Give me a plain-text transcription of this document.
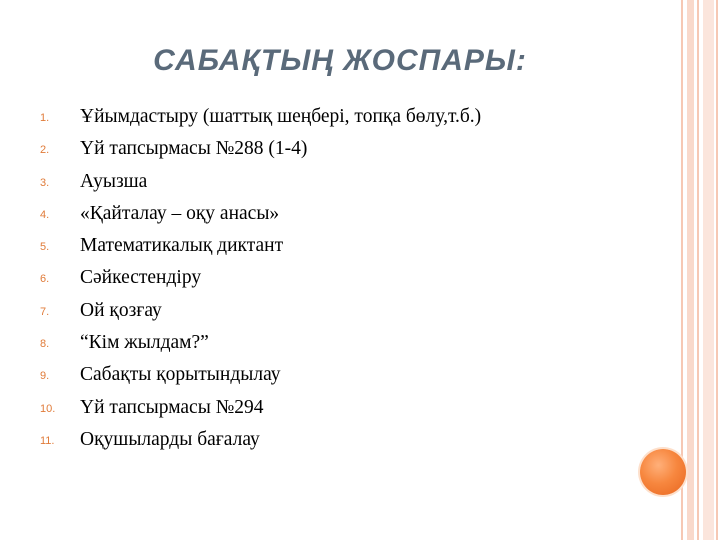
САБАҚТЫҢ ЖОСПАРЫ:
1. Ұйымдастыру (шаттық шеңбері, топқа бөлу,т.б.)
2. Үй тапсырмасы №288 (1-4)
3. Ауызша
4. «Қайталау – оқу анасы»
5. Математикалық диктант
6. Сәйкестендіру
7. Ой қозғау
8. “Кім жылдам?”
9. Сабақты қорытындылау
10. Үй тапсырмасы №294
11. Оқушыларды бағалау
